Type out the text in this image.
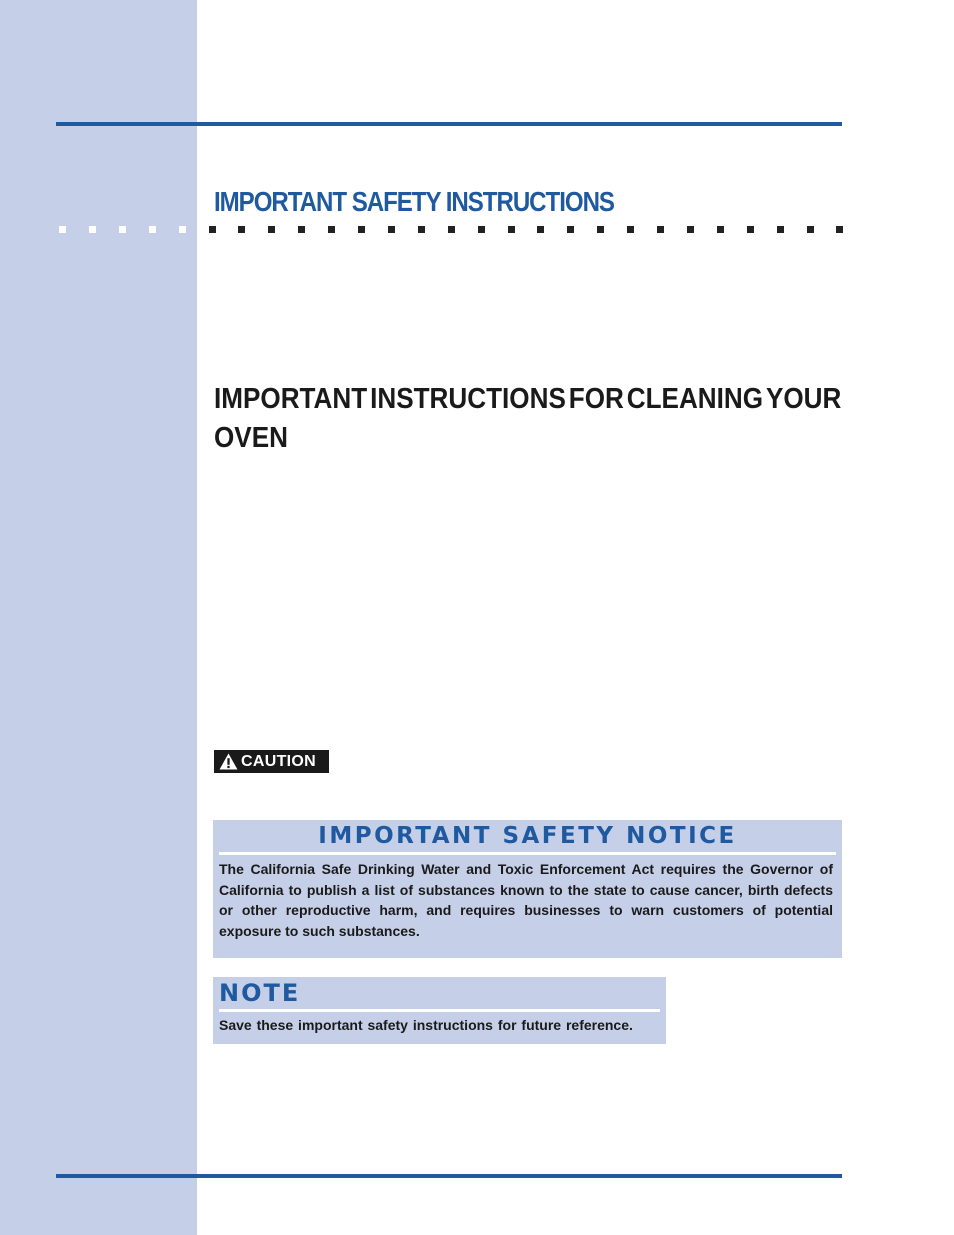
IMPORTANT SAFETY INSTRUCTIONS
IMPORTANT INSTRUCTIONS FOR CLEANING YOUR
OVEN
CAUTION
IMPORTANT SAFETY NOTICE
The California Safe Drinking Water and Toxic Enforcement Act requires the Governor of California to publish a list of substances known to the state to cause cancer, birth defects or other reproductive harm, and requires businesses to warn customers of potential exposure to such substances.
NOTE
Save these important safety instructions for future reference.
